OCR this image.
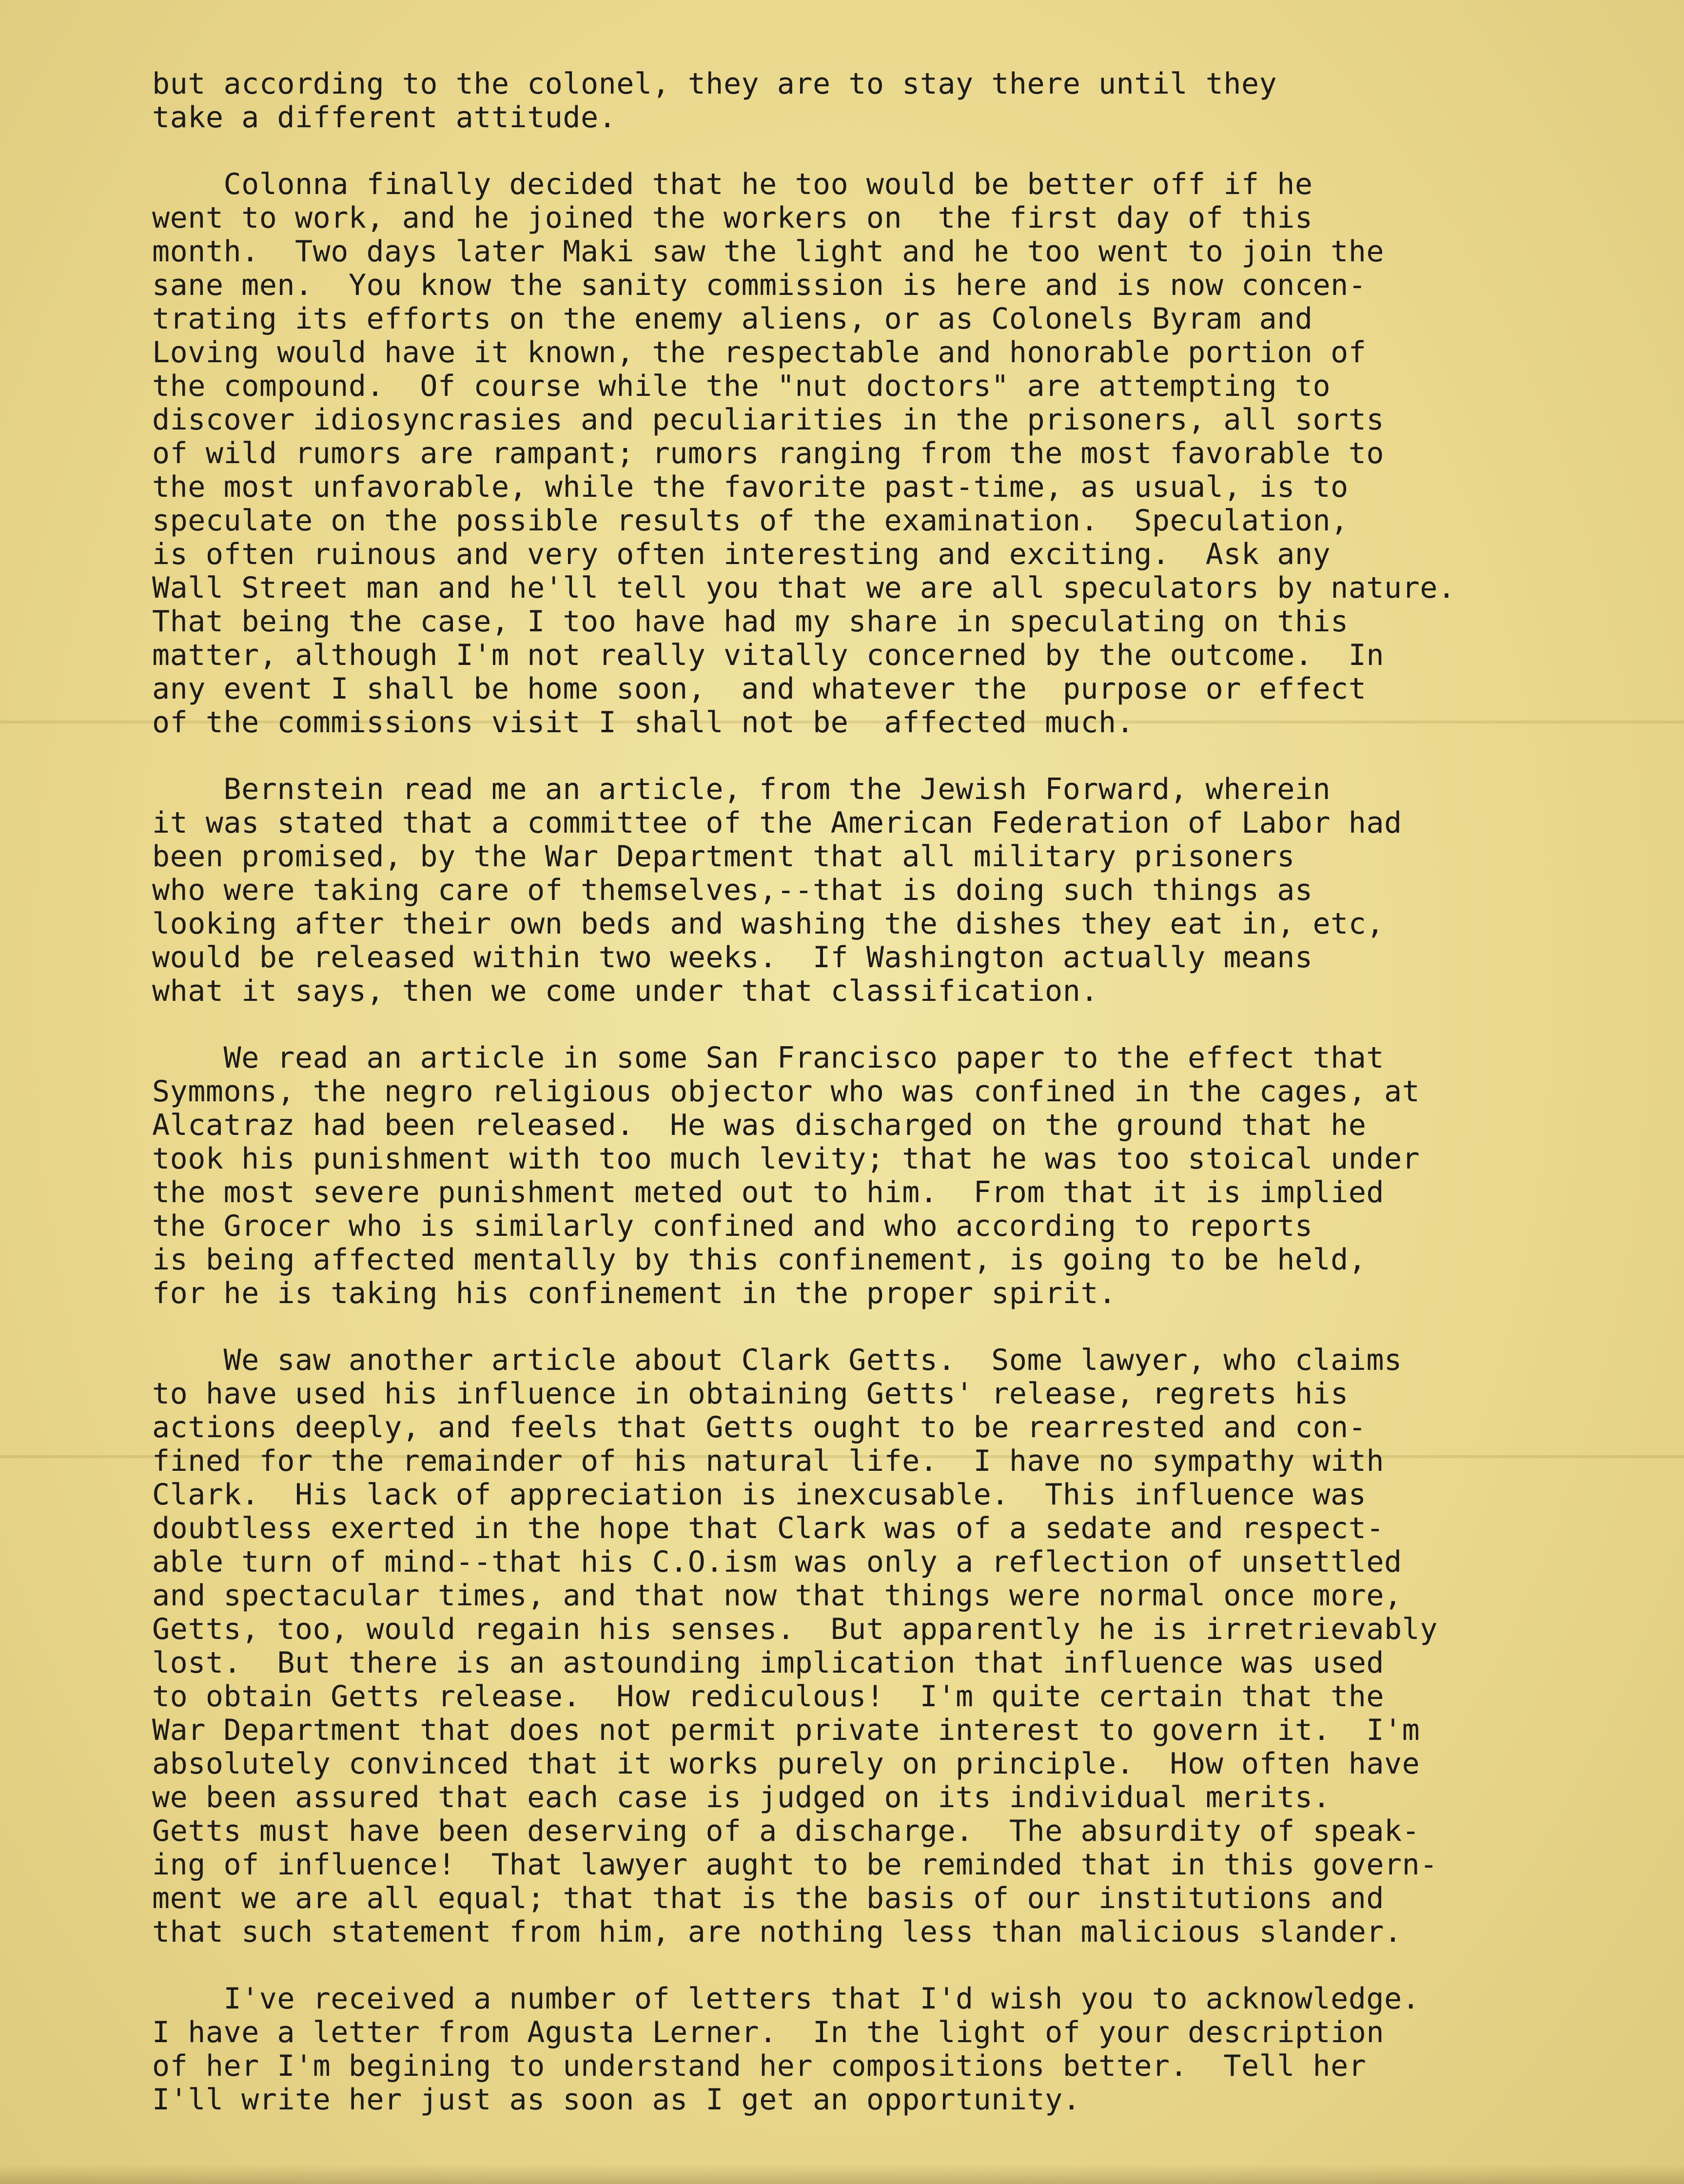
but according to the colonel, they are to stay there until they
take a different attitude.
Colonna finally decided that he too would be better off if he
went to work, and he joined the workers on  the first day of this
month.  Two days later Maki saw the light and he too went to join the
sane men.  You know the sanity commission is here and is now concen-
trating its efforts on the enemy aliens, or as Colonels Byram and
Loving would have it known, the respectable and honorable portion of
the compound.  Of course while the "nut doctors" are attempting to
discover idiosyncrasies and peculiarities in the prisoners, all sorts
of wild rumors are rampant; rumors ranging from the most favorable to
the most unfavorable, while the favorite past-time, as usual, is to
speculate on the possible results of the examination.  Speculation,
is often ruinous and very often interesting and exciting.  Ask any
Wall Street man and he'll tell you that we are all speculators by nature.
That being the case, I too have had my share in speculating on this
matter, although I'm not really vitally concerned by the outcome.  In
any event I shall be home soon,  and whatever the  purpose or effect
of the commissions visit I shall not be  affected much.
Bernstein read me an article, from the Jewish Forward, wherein
it was stated that a committee of the American Federation of Labor had
been promised, by the War Department that all military prisoners
who were taking care of themselves,--that is doing such things as
looking after their own beds and washing the dishes they eat in, etc,
would be released within two weeks.  If Washington actually means
what it says, then we come under that classification.
We read an article in some San Francisco paper to the effect that
Symmons, the negro religious objector who was confined in the cages, at
Alcatraz had been released.  He was discharged on the ground that he
took his punishment with too much levity; that he was too stoical under
the most severe punishment meted out to him.  From that it is implied
the Grocer who is similarly confined and who according to reports
is being affected mentally by this confinement, is going to be held,
for he is taking his confinement in the proper spirit.
We saw another article about Clark Getts.  Some lawyer, who claims
to have used his influence in obtaining Getts' release, regrets his
actions deeply, and feels that Getts ought to be rearrested and con-
fined for the remainder of his natural life.  I have no sympathy with
Clark.  His lack of appreciation is inexcusable.  This influence was
doubtless exerted in the hope that Clark was of a sedate and respect-
able turn of mind--that his C.O.ism was only a reflection of unsettled
and spectacular times, and that now that things were normal once more,
Getts, too, would regain his senses.  But apparently he is irretrievably
lost.  But there is an astounding implication that influence was used
to obtain Getts release.  How rediculous!  I'm quite certain that the
War Department that does not permit private interest to govern it.  I'm
absolutely convinced that it works purely on principle.  How often have
we been assured that each case is judged on its individual merits.
Getts must have been deserving of a discharge.  The absurdity of speak-
ing of influence!  That lawyer aught to be reminded that in this govern-
ment we are all equal; that that is the basis of our institutions and
that such statement from him, are nothing less than malicious slander.
I've received a number of letters that I'd wish you to acknowledge.
I have a letter from Agusta Lerner.  In the light of your description
of her I'm begining to understand her compositions better.  Tell her
I'll write her just as soon as I get an opportunity.
